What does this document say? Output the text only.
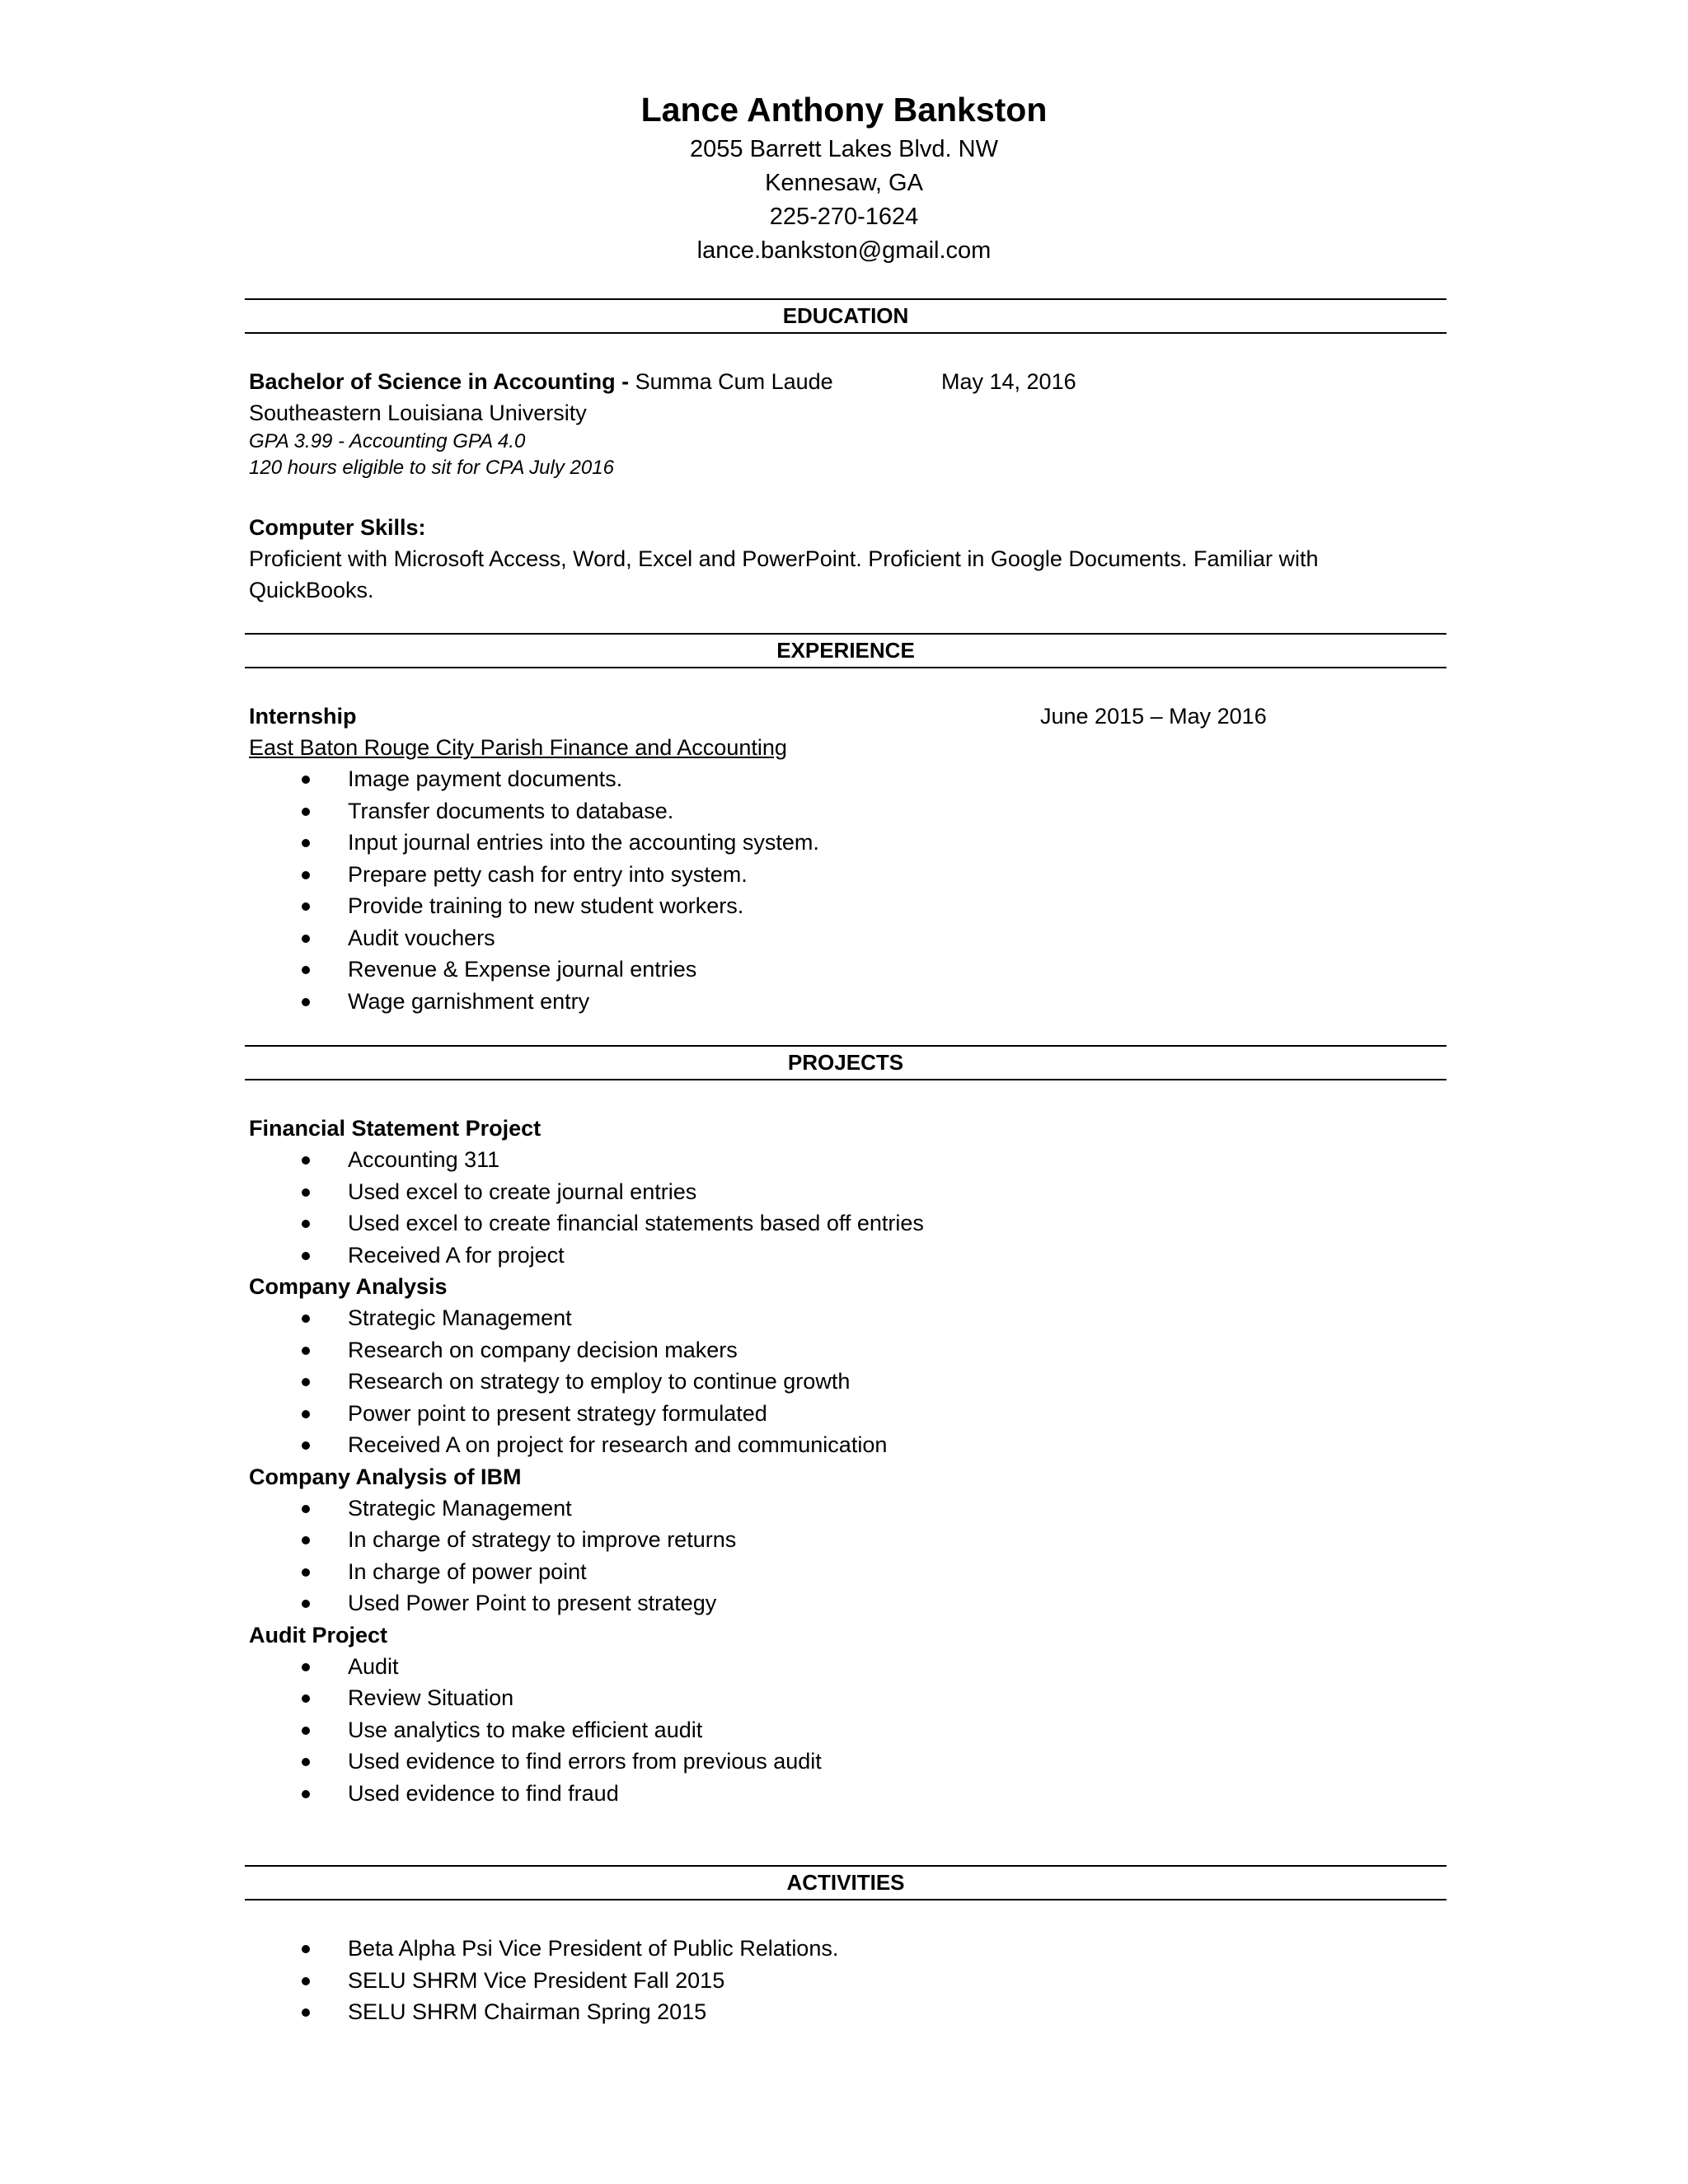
Lance Anthony Bankston
2055 Barrett Lakes Blvd. NW
Kennesaw, GA
225-270-1624
lance.bankston@gmail.com
EDUCATION
Bachelor of Science in Accounting - Summa Cum Laude	May 14, 2016
Southeastern Louisiana University
GPA 3.99 - Accounting GPA 4.0
120 hours eligible to sit for CPA July 2016
Computer Skills:
Proficient with Microsoft Access, Word, Excel and PowerPoint. Proficient in Google Documents. Familiar with QuickBooks.
EXPERIENCE
Internship	June 2015 – May 2016
East Baton Rouge City Parish Finance and Accounting
Image payment documents.
Transfer documents to database.
Input journal entries into the accounting system.
Prepare petty cash for entry into system.
Provide training to new student workers.
Audit vouchers
Revenue & Expense journal entries
Wage garnishment entry
PROJECTS
Financial Statement Project
Accounting 311
Used excel to create journal entries
Used excel to create financial statements based off entries
Received A for project
Company Analysis
Strategic Management
Research on company decision makers
Research on strategy to employ to continue growth
Power point to present strategy formulated
Received A on project for research and communication
Company Analysis of IBM
Strategic Management
In charge of strategy to improve returns
In charge of power point
Used Power Point to present strategy
Audit Project
Audit
Review Situation
Use analytics to make efficient audit
Used evidence to find errors from previous audit
Used evidence to find fraud
ACTIVITIES
Beta Alpha Psi Vice President of Public Relations.
SELU SHRM Vice President Fall 2015
SELU SHRM Chairman Spring 2015
